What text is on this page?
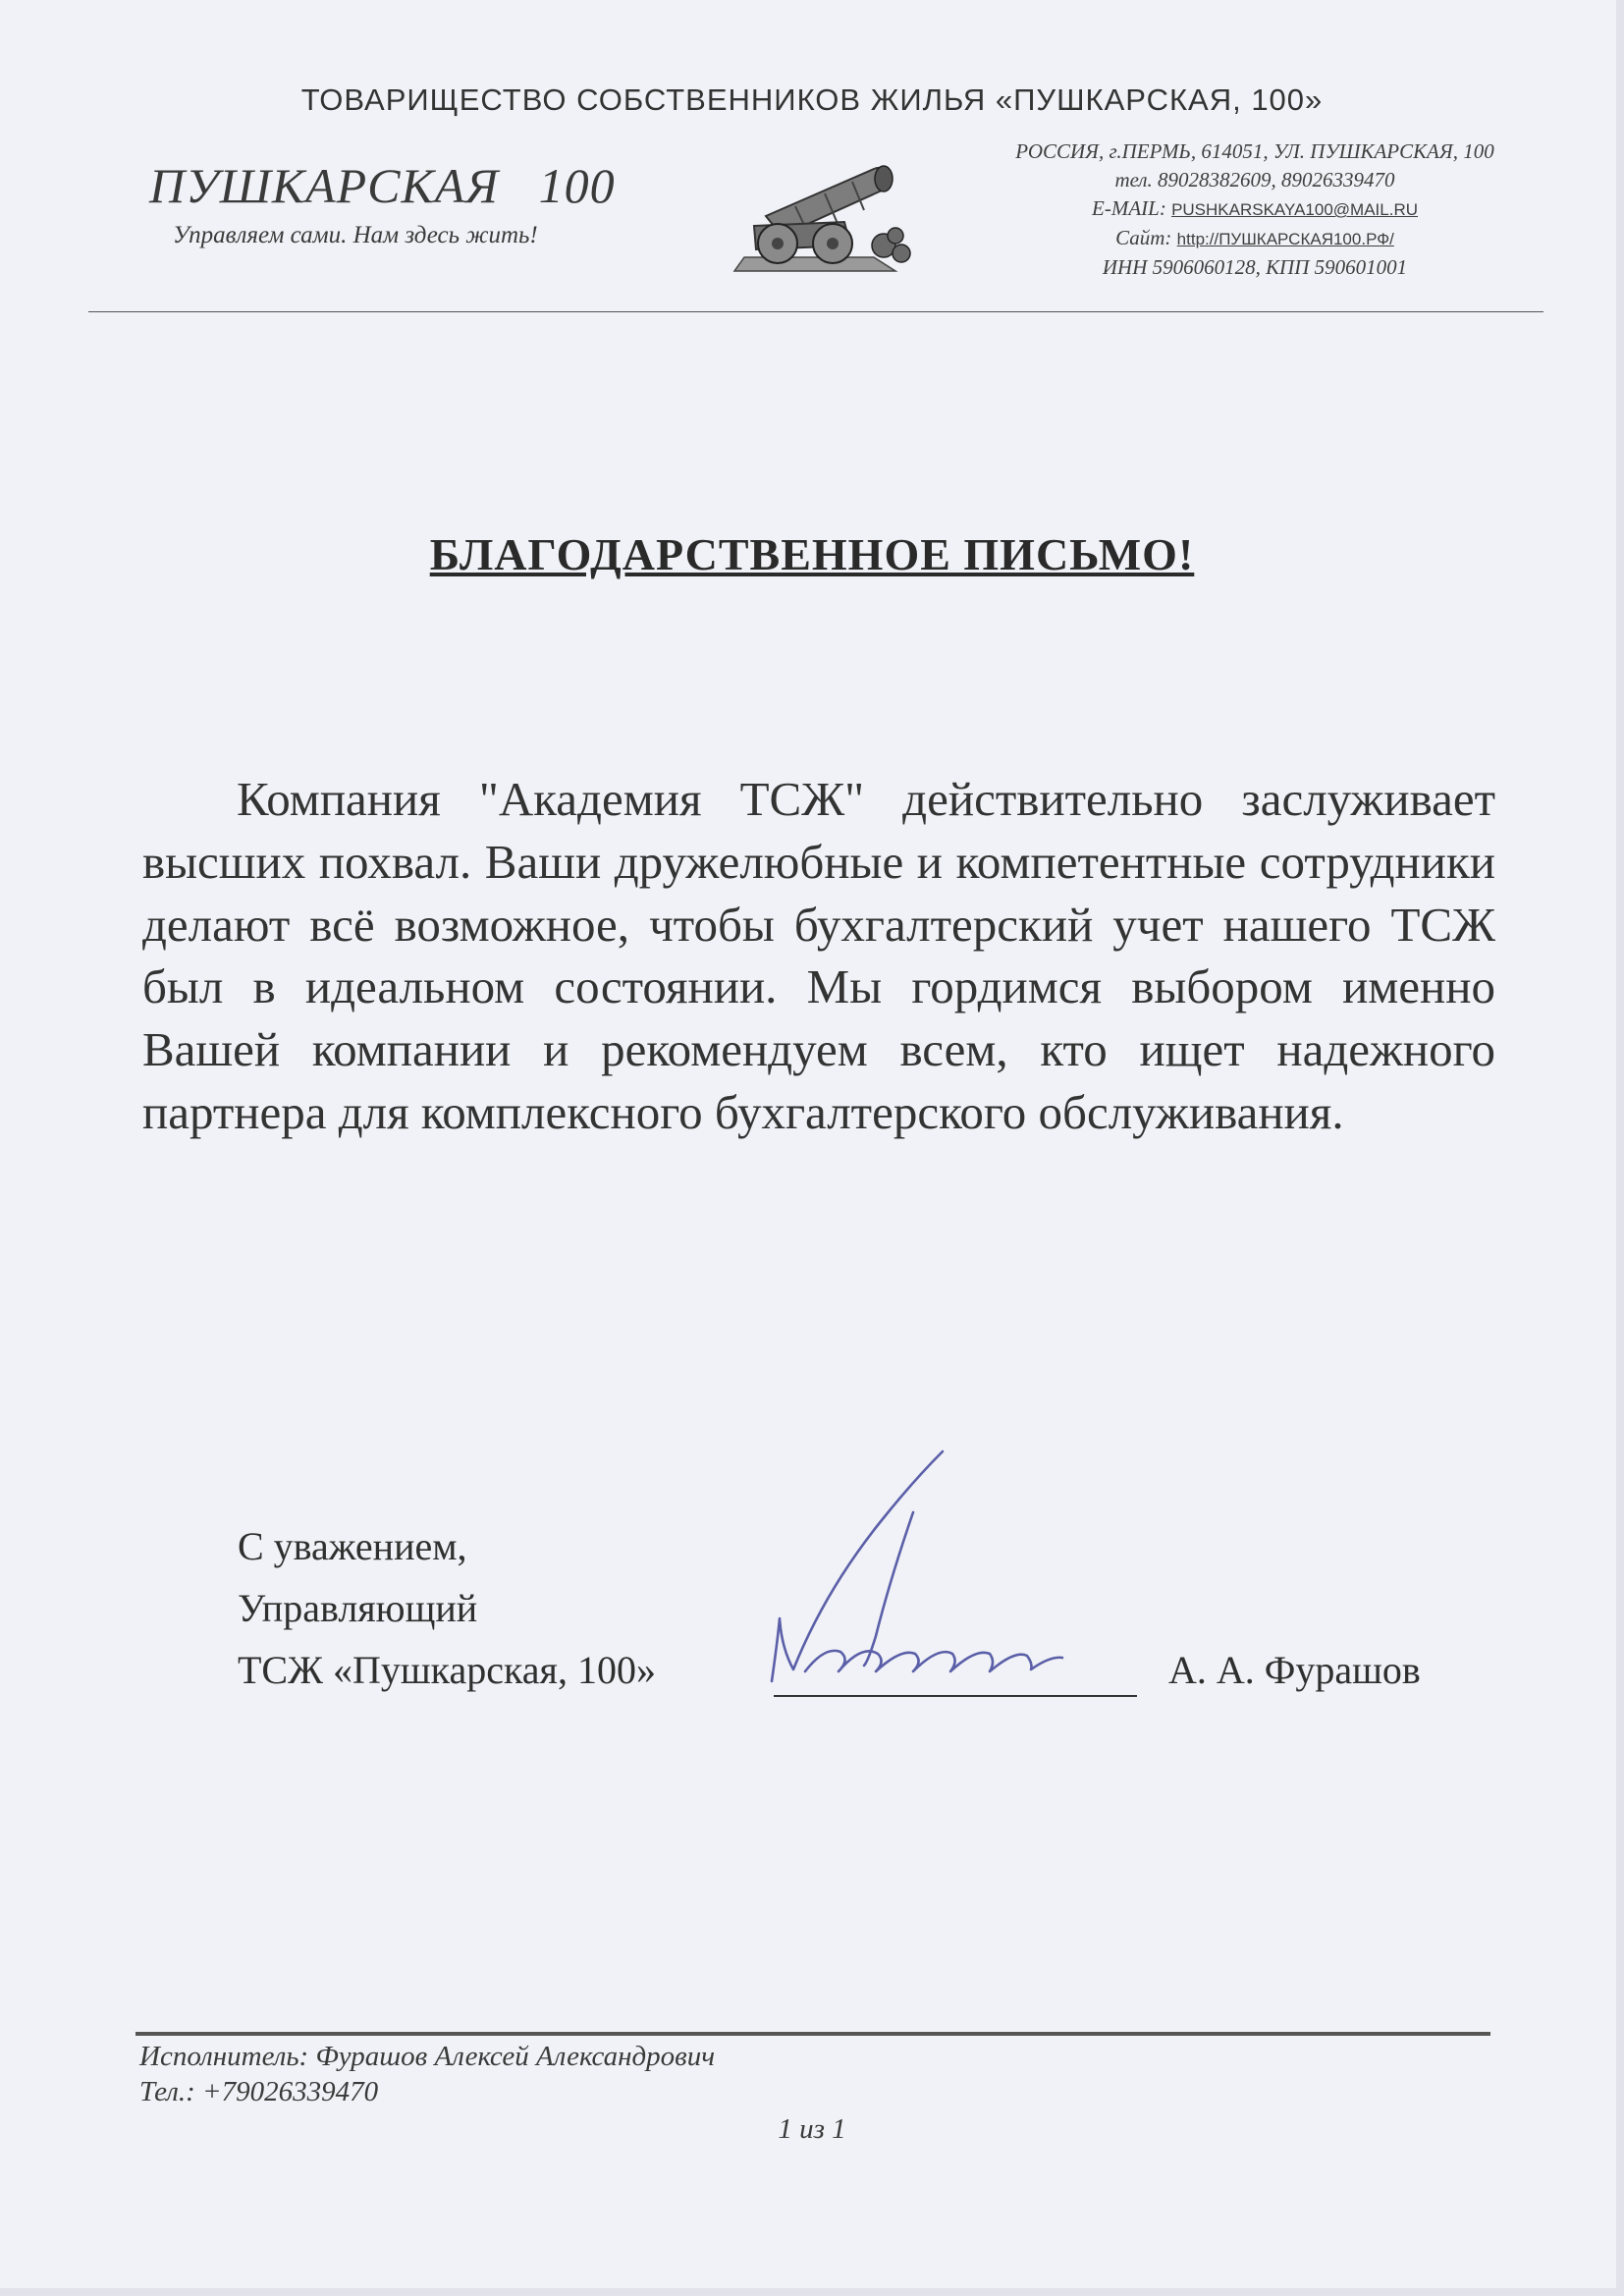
ТОВАРИЩЕСТВО СОБСТВЕННИКОВ ЖИЛЬЯ «ПУШКАРСКАЯ, 100»
ПУШКАРСКАЯ   100
Управляем сами. Нам здесь жить!
РОССИЯ, г.ПЕРМЬ, 614051, УЛ. ПУШКАРСКАЯ, 100
тел. 89028382609, 89026339470
E-MAIL: PUSHKARSKAYA100@MAIL.RU
Сайт: http://ПУШКАРСКАЯ100.РФ/
ИНН 5906060128, КПП 590601001
БЛАГОДАРСТВЕННОЕ ПИСЬМО!
Компания "Академия ТСЖ" действительно заслуживает высших похвал. Ваши дружелюбные и компетентные сотрудники делают всё возможное, чтобы бухгалтерский учет нашего ТСЖ был в идеальном состоянии. Мы гордимся выбором именно Вашей компании и рекомендуем всем, кто ищет надежного партнера для комплексного бухгалтерского обслуживания.
С уважением,
Управляющий
ТСЖ «Пушкарская, 100»	А. А. Фурашов
Исполнитель: Фурашов Алексей Александрович
Тел.: +79026339470
1 из 1
